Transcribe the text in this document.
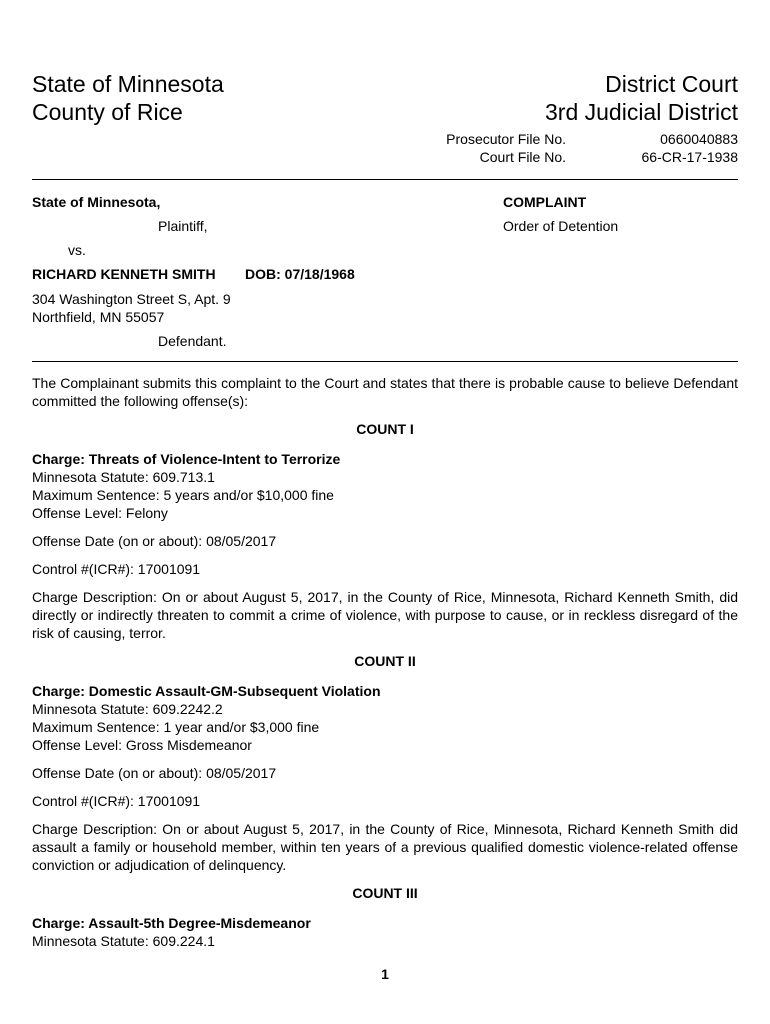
State of Minnesota
County of Rice
District Court
3rd Judicial District
Prosecutor File No.	0660040883
Court File No.	66-CR-17-1938
State of Minnesota,
Plaintiff,
vs.
RICHARD KENNETH SMITH DOB: 07/18/1968
304 Washington Street S, Apt. 9
Northfield, MN 55057
Defendant.
COMPLAINT
Order of Detention

The Complainant submits this complaint to the Court and states that there is probable cause to believe Defendant committed the following offense(s):

COUNT I
Charge: Threats of Violence-Intent to Terrorize
Minnesota Statute: 609.713.1
Maximum Sentence: 5 years and/or $10,000 fine
Offense Level: Felony

Offense Date (on or about): 08/05/2017

Control #(ICR#): 17001091

Charge Description: On or about August 5, 2017, in the County of Rice, Minnesota, Richard Kenneth Smith, did directly or indirectly threaten to commit a crime of violence, with purpose to cause, or in reckless disregard of the risk of causing, terror.

COUNT II
Charge: Domestic Assault-GM-Subsequent Violation
Minnesota Statute: 609.2242.2
Maximum Sentence: 1 year and/or $3,000 fine
Offense Level: Gross Misdemeanor

Offense Date (on or about): 08/05/2017

Control #(ICR#): 17001091

Charge Description: On or about August 5, 2017, in the County of Rice, Minnesota, Richard Kenneth Smith did assault a family or household member, within ten years of a previous qualified domestic violence-related offense conviction or adjudication of delinquency.

COUNT III
Charge: Assault-5th Degree-Misdemeanor
Minnesota Statute: 609.224.1
1
